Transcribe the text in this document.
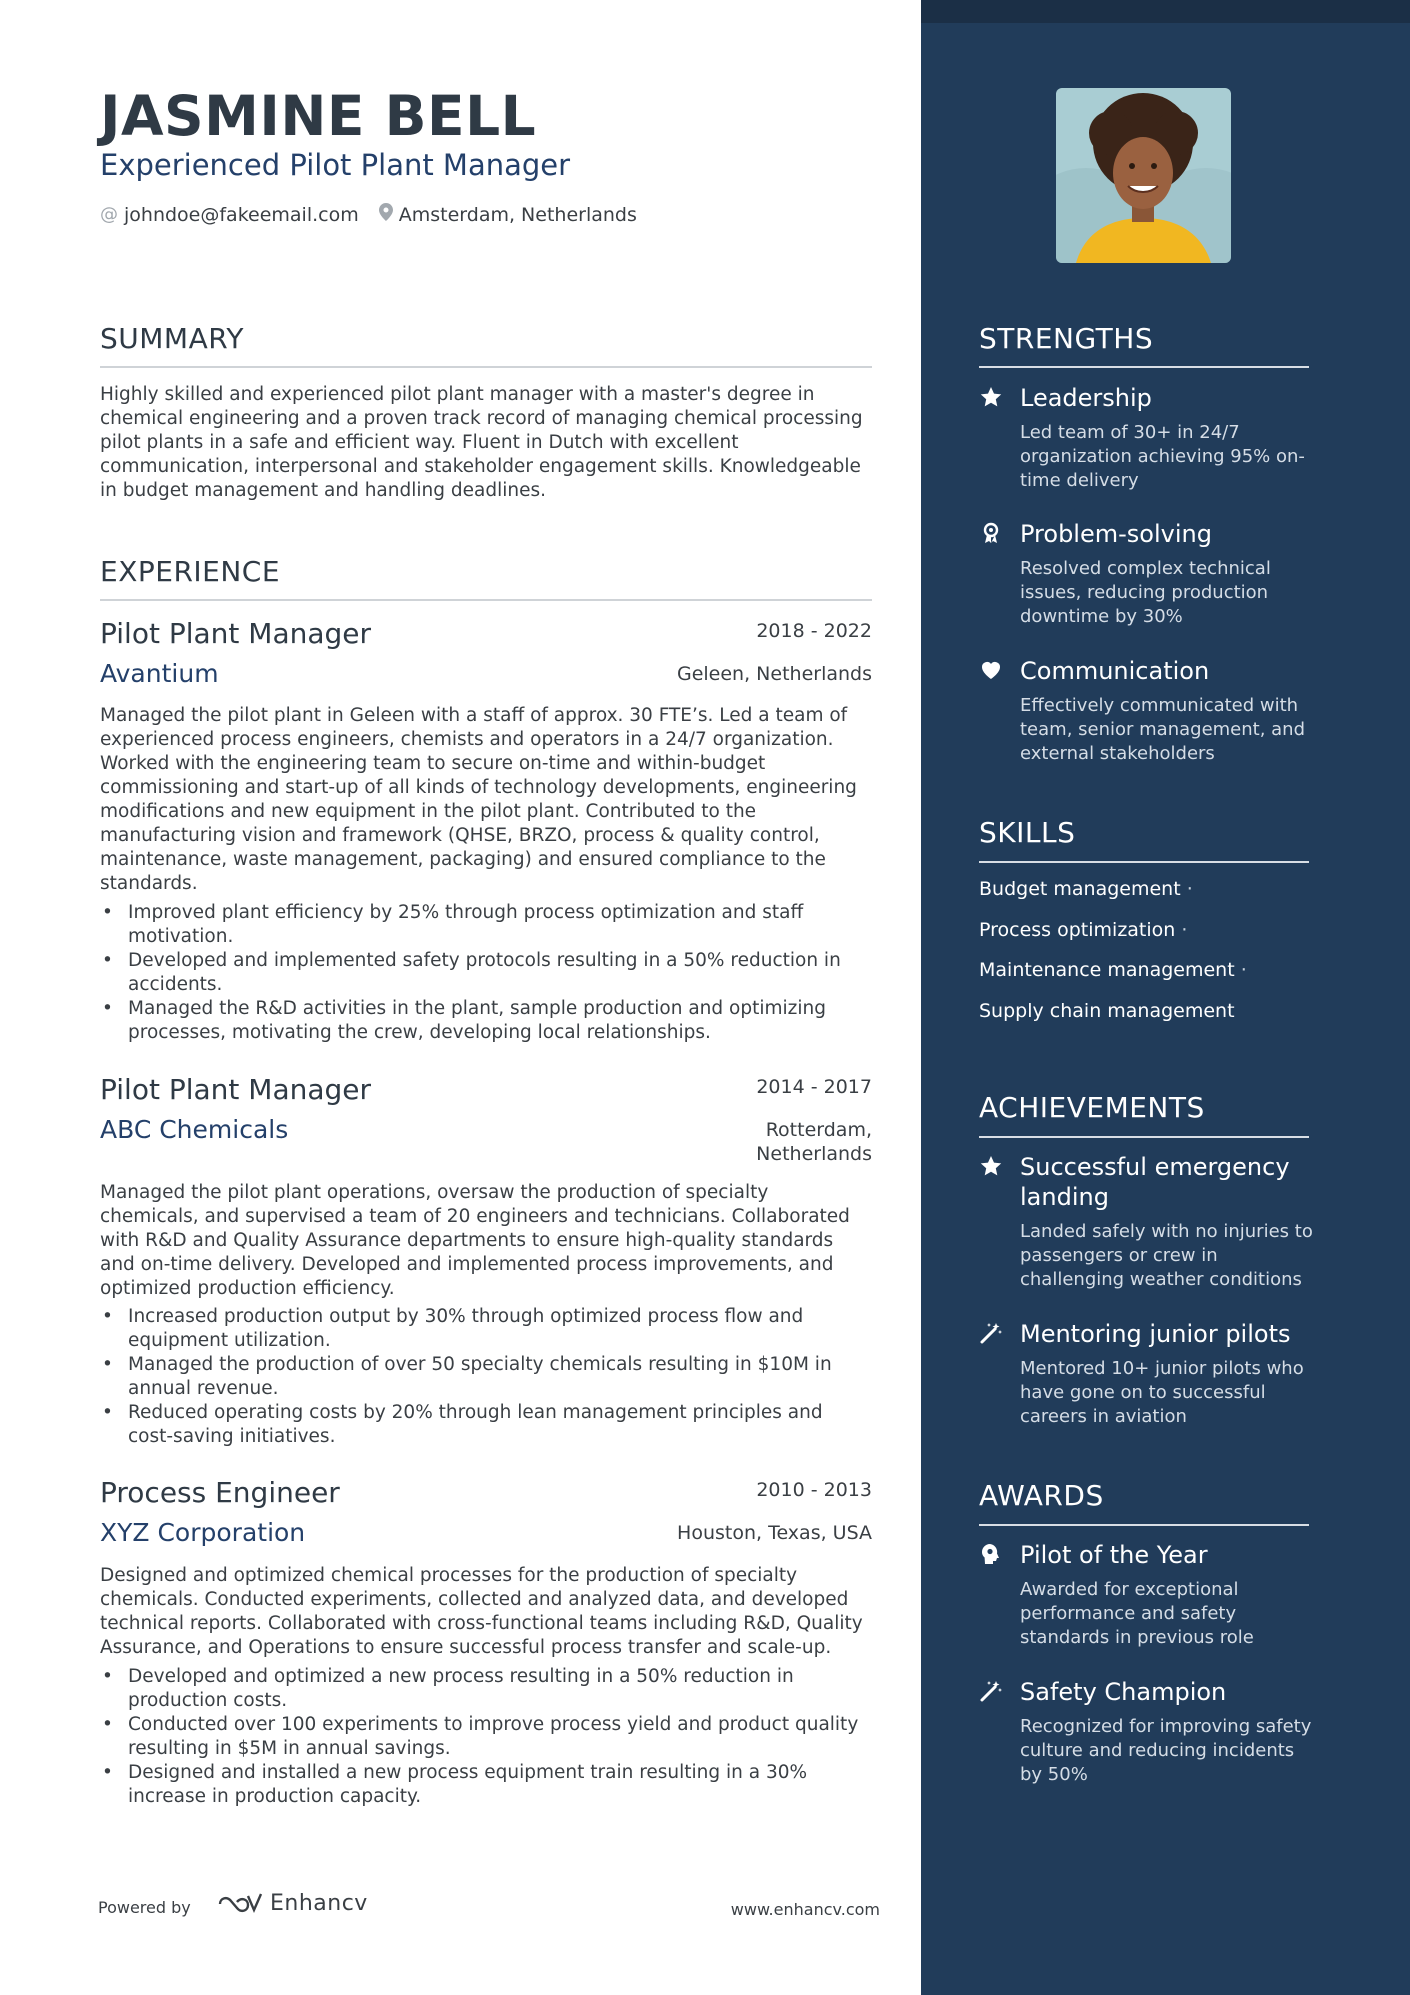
JASMINE BELL
Experienced Pilot Plant Manager
@ johndoe@fakeemail.com Amsterdam, Netherlands
SUMMARY
Highly skilled and experienced pilot plant manager with a master's degree in chemical engineering and a proven track record of managing chemical processing pilot plants in a safe and efficient way. Fluent in Dutch with excellent communication, interpersonal and stakeholder engagement skills. Knowledgeable in budget management and handling deadlines.
EXPERIENCE
Pilot Plant Manager	2018 - 2022
Avantium	Geleen, Netherlands
Managed the pilot plant in Geleen with a staff of approx. 30 FTE’s. Led a team of experienced process engineers, chemists and operators in a 24/7 organization. Worked with the engineering team to secure on-time and within-budget commissioning and start-up of all kinds of technology developments, engineering modifications and new equipment in the pilot plant. Contributed to the manufacturing vision and framework (QHSE, BRZO, process & quality control, maintenance, waste management, packaging) and ensured compliance to the standards.
• Improved plant efficiency by 25% through process optimization and staff motivation.
• Developed and implemented safety protocols resulting in a 50% reduction in accidents.
• Managed the R&D activities in the plant, sample production and optimizing processes, motivating the crew, developing local relationships.
Pilot Plant Manager	2014 - 2017
ABC Chemicals	Rotterdam, Netherlands
Managed the pilot plant operations, oversaw the production of specialty chemicals, and supervised a team of 20 engineers and technicians. Collaborated with R&D and Quality Assurance departments to ensure high-quality standards and on-time delivery. Developed and implemented process improvements, and optimized production efficiency.
• Increased production output by 30% through optimized process flow and equipment utilization.
• Managed the production of over 50 specialty chemicals resulting in $10M in annual revenue.
• Reduced operating costs by 20% through lean management principles and cost-saving initiatives.
Process Engineer	2010 - 2013
XYZ Corporation	Houston, Texas, USA
Designed and optimized chemical processes for the production of specialty chemicals. Conducted experiments, collected and analyzed data, and developed technical reports. Collaborated with cross-functional teams including R&D, Quality Assurance, and Operations to ensure successful process transfer and scale-up.
• Developed and optimized a new process resulting in a 50% reduction in production costs.
• Conducted over 100 experiments to improve process yield and product quality resulting in $5M in annual savings.
• Designed and installed a new process equipment train resulting in a 30% increase in production capacity.
Powered by	Enhancv	www.enhancv.com
STRENGTHS
Leadership
Led team of 30+ in 24/7 organization achieving 95% on-time delivery
Problem-solving
Resolved complex technical issues, reducing production downtime by 30%
Communication
Effectively communicated with team, senior management, and external stakeholders
SKILLS
Budget management ·
Process optimization ·
Maintenance management ·
Supply chain management
ACHIEVEMENTS
Successful emergency landing
Landed safely with no injuries to passengers or crew in challenging weather conditions
Mentoring junior pilots
Mentored 10+ junior pilots who have gone on to successful careers in aviation
AWARDS
Pilot of the Year
Awarded for exceptional performance and safety standards in previous role
Safety Champion
Recognized for improving safety culture and reducing incidents by 50%
